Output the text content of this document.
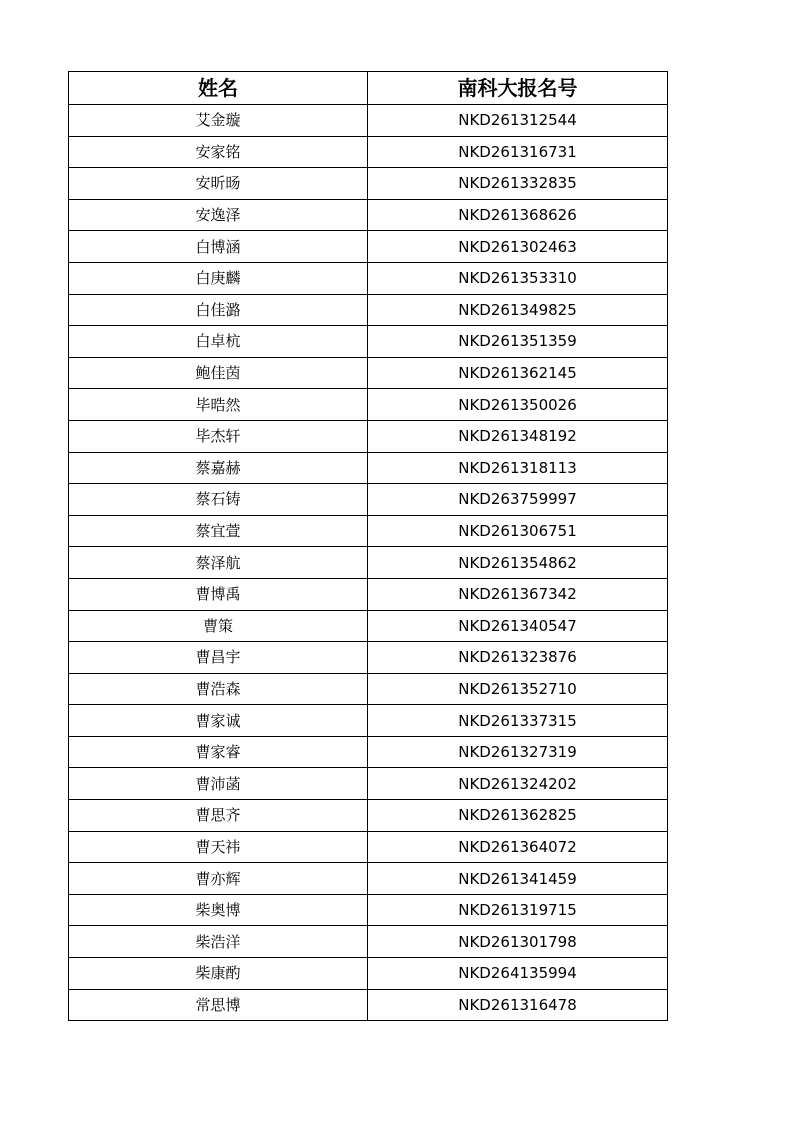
姓名	南科大报名号
艾金璇	NKD261312544
安家铭	NKD261316731
安昕旸	NKD261332835
安逸泽	NKD261368626
白博涵	NKD261302463
白庚麟	NKD261353310
白佳潞	NKD261349825
白卓杭	NKD261351359
鲍佳茵	NKD261362145
毕晧然	NKD261350026
毕杰轩	NKD261348192
蔡嘉赫	NKD261318113
蔡石铸	NKD263759997
蔡宜萱	NKD261306751
蔡泽航	NKD261354862
曹博禹	NKD261367342
曹策	NKD261340547
曹昌宇	NKD261323876
曹浩森	NKD261352710
曹家诚	NKD261337315
曹家睿	NKD261327319
曹沛菡	NKD261324202
曹思齐	NKD261362825
曹天祎	NKD261364072
曹亦辉	NKD261341459
柴奥博	NKD261319715
柴浩洋	NKD261301798
柴康酌	NKD264135994
常思博	NKD261316478
